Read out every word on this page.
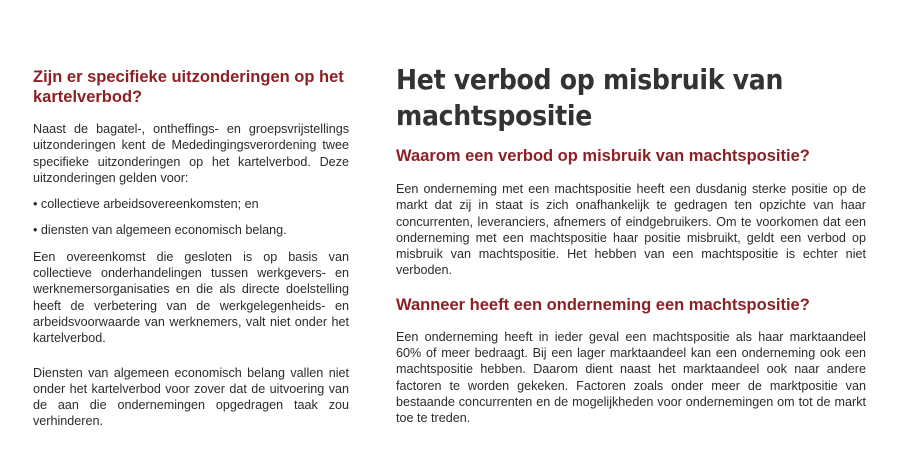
Zijn er specifieke uitzonderingen op het kartelverbod?

Naast de bagatel-, ontheffings- en groepsvrijstellings uitzonderingen kent de Mededingingsverordening twee specifieke uitzonderingen op het kartelverbod. Deze uitzonderingen gelden voor:

• collectieve arbeidsovereenkomsten; en

• diensten van algemeen economisch belang.

Een overeenkomst die gesloten is op basis van collectieve onderhandelingen tussen werkgevers- en werknemersorganisaties en die als directe doelstelling heeft de verbetering van de werkgelegenheids- en arbeidsvoorwaarde van werknemers, valt niet onder het kartelverbod.

Diensten van algemeen economisch belang vallen niet onder het kartelverbod voor zover dat de uitvoering van de aan die ondernemingen opgedragen taak zou verhinderen.

Het verbod op misbruik van machtspositie
Waarom een verbod op misbruik van machtspositie?

Een onderneming met een machtspositie heeft een dusdanig sterke positie op de markt dat zij in staat is zich onafhankelijk te gedragen ten opzichte van haar concurrenten, leveranciers, afnemers of eindgebruikers. Om te voorkomen dat een onderneming met een machtspositie haar positie misbruikt, geldt een verbod op misbruik van machtspositie. Het hebben van een machtspositie is echter niet verboden.

Wanneer heeft een onderneming een machtspositie?

Een onderneming heeft in ieder geval een machtspositie als haar marktaandeel 60% of meer bedraagt. Bij een lager marktaandeel kan een onderneming ook een machtspositie hebben. Daarom dient naast het marktaandeel ook naar andere factoren te worden gekeken. Factoren zoals onder meer de marktpositie van bestaande concurrenten en de mogelijkheden voor ondernemingen om tot de markt toe te treden.
